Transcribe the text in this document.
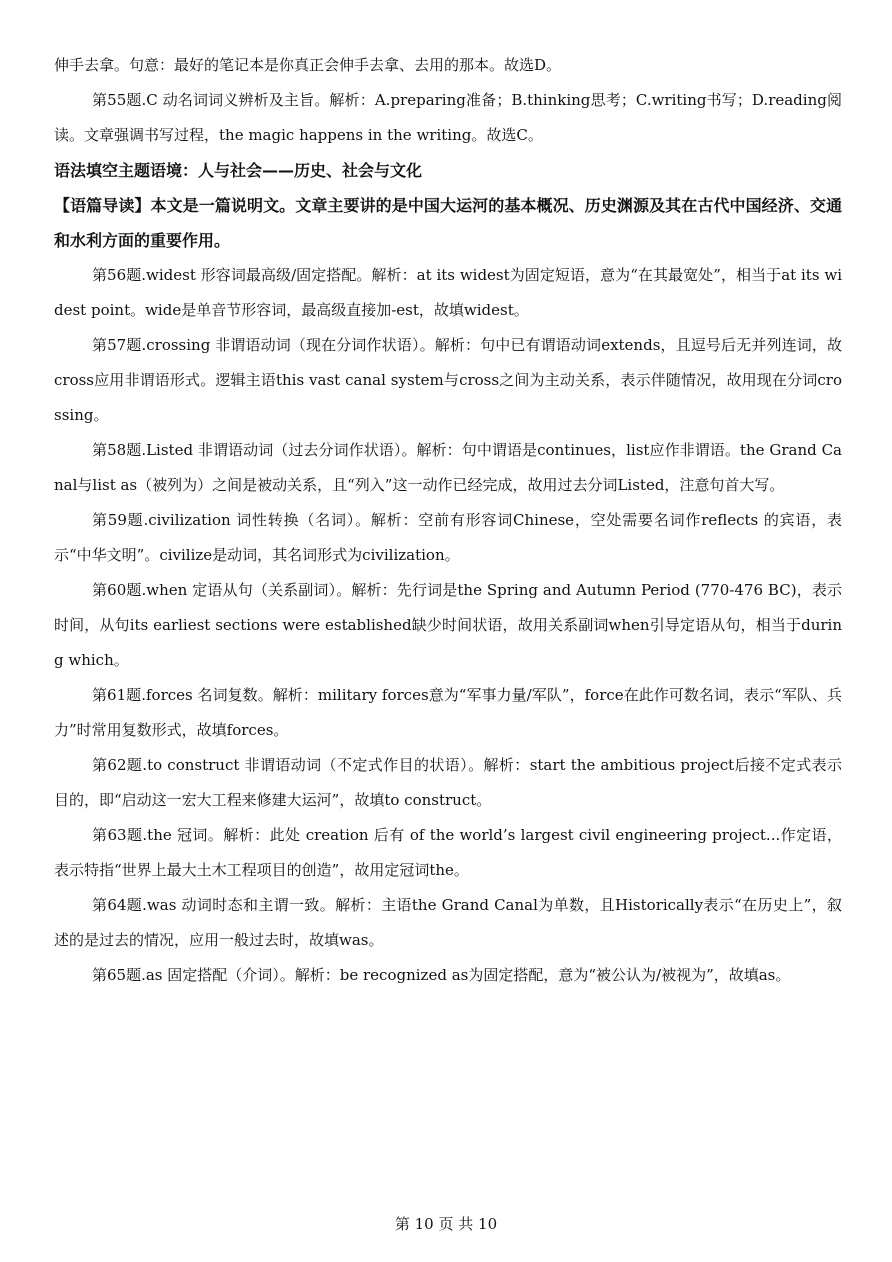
伸手去拿。句意：最好的笔记本是你真正会伸手去拿、去用的那本。故选D。

第55题.C 动名词词义辨析及主旨。解析：A.preparing准备；B.thinking思考；C.writing书写；D.reading阅读。文章强调书写过程，the magic happens in the writing。故选C。

语法填空主题语境：人与社会——历史、社会与文化

【语篇导读】本文是一篇说明文。文章主要讲的是中国大运河的基本概况、历史渊源及其在古代中国经济、交通和水利方面的重要作用。

第56题.widest 形容词最高级/固定搭配。解析：at its widest为固定短语，意为“在其最宽处”，相当于at its widest point。wide是单音节形容词，最高级直接加-est，故填widest。

第57题.crossing 非谓语动词（现在分词作状语）。解析：句中已有谓语动词extends，且逗号后无并列连词，故cross应用非谓语形式。逻辑主语this vast canal system与cross之间为主动关系，表示伴随情况，故用现在分词crossing。

第58题.Listed 非谓语动词（过去分词作状语）。解析：句中谓语是continues，list应作非谓语。the Grand Canal与list as（被列为）之间是被动关系，且“列入”这一动作已经完成，故用过去分词Listed，注意句首大写。

第59题.civilization 词性转换（名词）。解析：空前有形容词Chinese，空处需要名词作reflects 的宾语，表示“中华文明”。civilize是动词，其名词形式为civilization。

第60题.when 定语从句（关系副词）。解析：先行词是the Spring and Autumn Period (770-476 BC)，表示时间，从句its earliest sections were established缺少时间状语，故用关系副词when引导定语从句，相当于during which。

第61题.forces 名词复数。解析：military forces意为“军事力量/军队”，force在此作可数名词，表示“军队、兵力”时常用复数形式，故填forces。

第62题.to construct 非谓语动词（不定式作目的状语）。解析：start the ambitious project后接不定式表示目的，即“启动这一宏大工程来修建大运河”，故填to construct。

第63题.the 冠词。解析：此处 creation 后有 of the world’s largest civil engineering project...作定语，表示特指“世界上最大土木工程项目的创造”，故用定冠词the。

第64题.was 动词时态和主谓一致。解析：主语the Grand Canal为单数，且Historically表示“在历史上”，叙述的是过去的情况，应用一般过去时，故填was。

第65题.as 固定搭配（介词）。解析：be recognized as为固定搭配，意为“被公认为/被视为”，故填as。

第 10 页 共 10
